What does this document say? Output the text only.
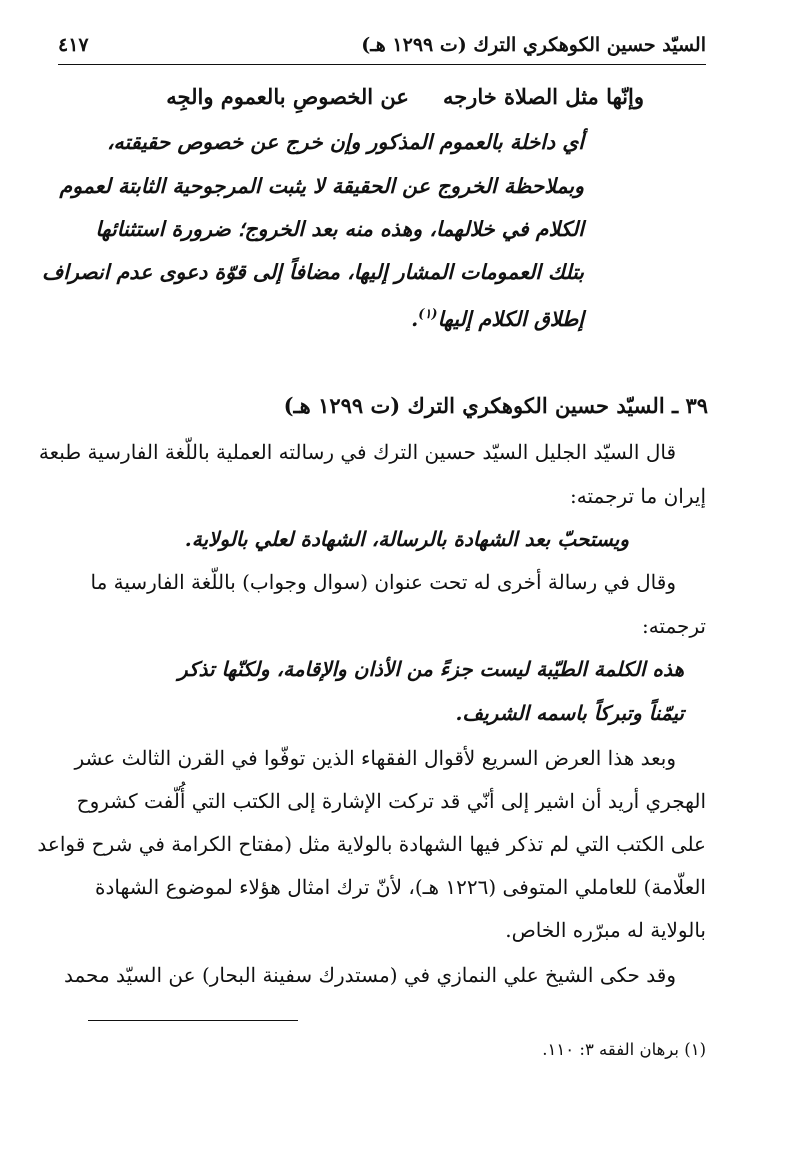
السيّد حسين الكوهكري الترك (ت ١٢٩٩ هـ)
٤١٧
وإنّها مثل الصلاة خارجهعن الخصوصِ بالعموم والجِه
أي داخلة بالعموم المذكور وإن خرج عن خصوص حقيقته،
وبملاحظة الخروج عن الحقيقة لا يثبت المرجوحية الثابتة لعموم
الكلام في خلالهما، وهذه منه بعد الخروج؛ ضرورة استثنائها
بتلك العمومات المشار إليها، مضافاً إلى قوّة دعوى عدم انصراف
إطلاق الكلام إليها$^{(١)}$.
٣٩ ـ السيّد حسين الكوهكري الترك (ت ١٢٩٩ هـ)
قال السيّد الجليل السيّد حسين الترك في رسالته العملية باللّغة الفارسية طبعة
إيران ما ترجمته:
ويستحبّ بعد الشهادة بالرسالة، الشهادة لعلي بالولاية.
وقال في رسالة أخرى له تحت عنوان (سوال وجواب) باللّغة الفارسية ما
ترجمته:
هذه الكلمة الطيّبة ليست جزءً من الأذان والإقامة، ولكنّها تذكر
تيمّناً وتبركاً باسمه الشريف.
وبعد هذا العرض السريع لأقوال الفقهاء الذين توفّوا في القرن الثالث عشر
الهجري أريد أن اشير إلى أنّي قد تركت الإشارة إلى الكتب التي أُلّفت كشروح
على الكتب التي لم تذكر فيها الشهادة بالولاية مثل (مفتاح الكرامة في شرح قواعد
العلّامة) للعاملي المتوفى (١٢٢٦ هـ)، لأنّ ترك امثال هؤلاء لموضوع الشهادة
بالولاية له مبرّره الخاص.
وقد حكى الشيخ علي النمازي في (مستدرك سفينة البحار) عن السيّد محمد
(١) برهان الفقه ٣: ١١٠.
